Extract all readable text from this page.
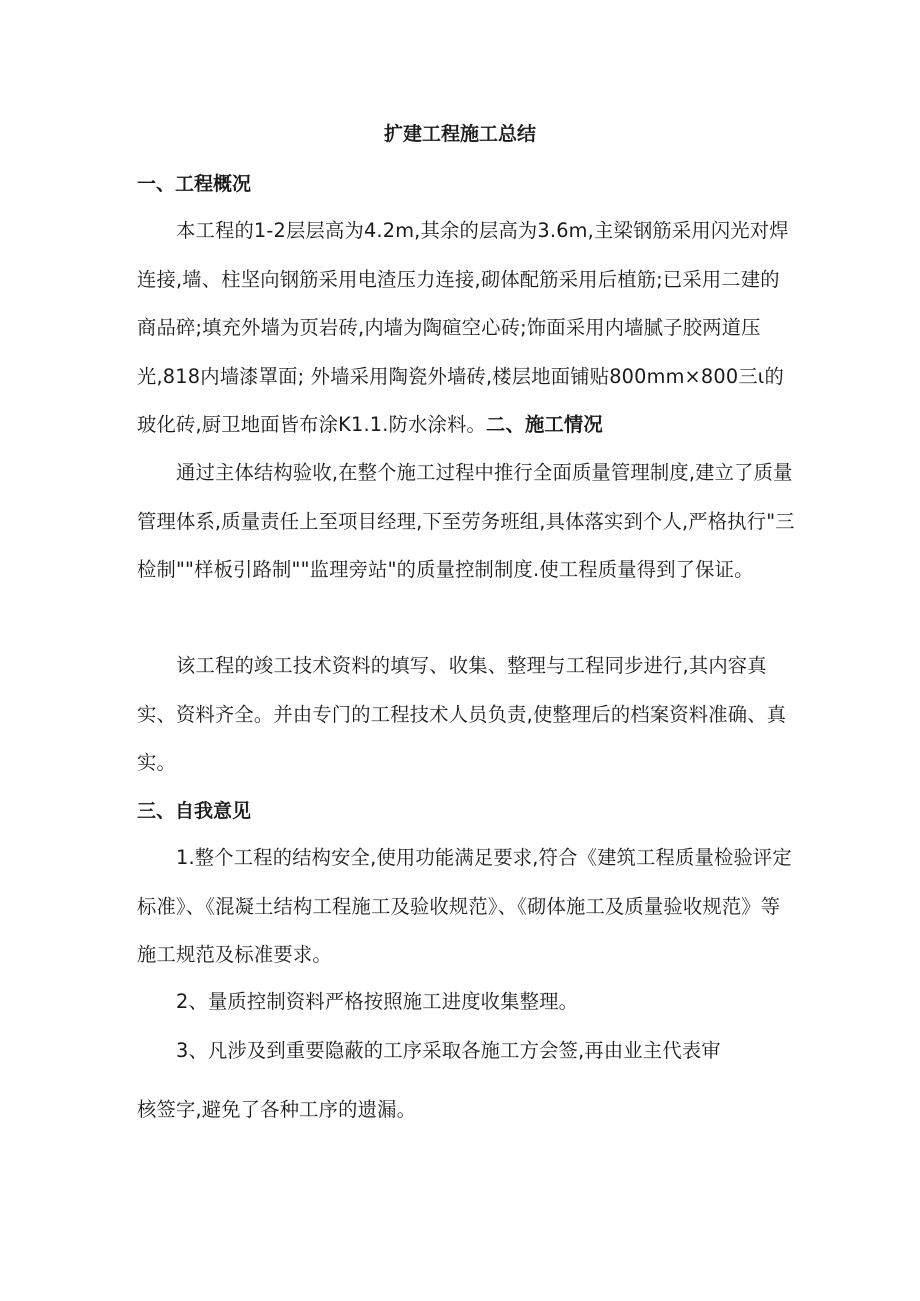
扩建工程施工总结
一、工程概况

本工程的1-2层层高为4.2m,其余的层高为3.6m,主梁钢筋采用闪光对焊连接,墙、柱坚向钢筋采用电渣压力连接,砌体配筋采用后植筋;已采用二建的商品碎;填充外墙为页岩砖,内墙为陶碹空心砖;饰面采用内墙腻子胶两道压光,818内墙漆罩面; 外墙采用陶瓷外墙砖,楼层地面铺贴800mm×800三ι的玻化砖,厨卫地面皆布涂K1.1.防水涂料。二、施工情况

通过主体结构验收,在整个施工过程中推行全面质量管理制度,建立了质量管理体系,质量责任上至项目经理,下至劳务班组,具体落实到个人,严格执行"三检制""样板引路制""监理旁站"的质量控制制度.使工程质量得到了保证。

该工程的竣工技术资料的填写、收集、整理与工程同步进行,其内容真实、资料齐全。并由专门的工程技术人员负责,使整理后的档案资料准确、真实。

三、自我意见

1.整个工程的结构安全,使用功能满足要求,符合《建筑工程质量检验评定标准》、《混凝土结构工程施工及验收规范》、《砌体施工及质量验收规范》等施工规范及标准要求。

2、量质控制资料严格按照施工进度收集整理。

3、凡涉及到重要隐蔽的工序采取各施工方会签,再由业主代表审

核签字,避免了各种工序的遗漏。
